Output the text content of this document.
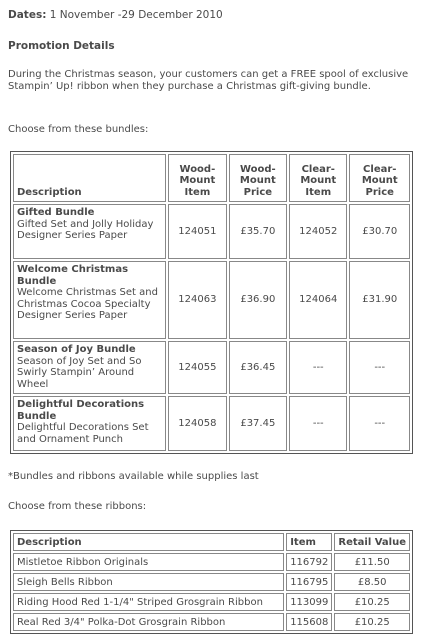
Dates: 1 November -29 December 2010

Promotion Details

During the Christmas season, your customers can get a FREE spool of exclusive Stampin’ Up! ribbon when they purchase a Christmas gift-giving bundle.

Choose from these bundles:

Description	Wood-Mount Item	Wood-Mount Price	Clear-Mount Item	Clear-Mount Price

Gifted Bundle
Gifted Set and Jolly Holiday Designer Series Paper	124051	£35.70	124052	£30.70

Welcome Christmas Bundle
Welcome Christmas Set and Christmas Cocoa Specialty Designer Series Paper	124063	£36.90	124064	£31.90

Season of Joy Bundle
Season of Joy Set and So Swirly Stampin’ Around Wheel	124055	£36.45	---	---

Delightful Decorations Bundle
Delightful Decorations Set and Ornament Punch	124058	£37.45	---	---

*Bundles and ribbons available while supplies last

Choose from these ribbons:

Description	Item	Retail Value
Mistletoe Ribbon Originals	116792	£11.50
Sleigh Bells Ribbon	116795	£8.50
Riding Hood Red 1-1/4" Striped Grosgrain Ribbon	113099	£10.25
Real Red 3/4" Polka-Dot Grosgrain Ribbon	115608	£10.25
